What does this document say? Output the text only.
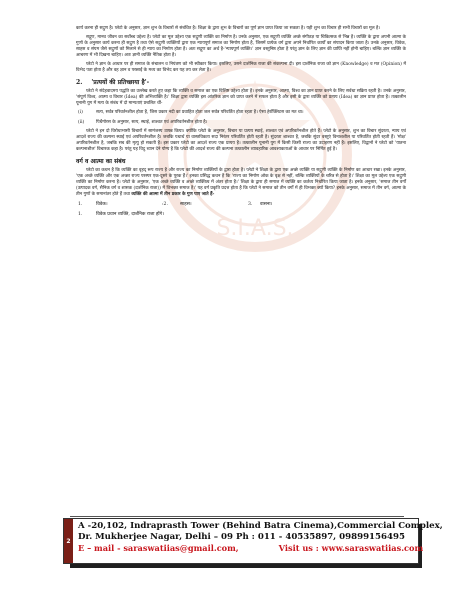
S.I.A.S.

कार्य करना ही सद्गुण है। प्लेटो के अनुसार, ज्ञान शुभ के विचारों से संबंधित है। शिक्षा के द्वारा शुभ के विचारों का पूर्ण ज्ञान प्राप्त किया जा सकता है। यही शुभ का विचार ही सभी विचारों का मूल है।

सद्गुण, मानव जीवन का सर्वोच्च उद्देश्य है। प्लेटो का मूल उद्देश्य एक सद्गुणी व्यक्ति का निर्माण है। उनके अनुसार, एक सद्गुणी व्यक्ति अच्छे संगीतज्ञ या चिकित्सक से भिन्न है। व्यक्ति के द्वारा अपनी आत्मा के गुणों के अनुसार कार्य करना ही सद्गुण है तथा ऐसे सद्गुणी व्यक्तियों द्वारा एक न्यायपूर्ण समाज का निर्माण होता है, जिसमें प्रत्येक वर्ग द्वारा अपने निर्धारित कार्यों का संपादन किया जाता है। उनके अनुसार, विवेक, साहस व संयम जैसे सद्गुणों को मिलाने से ही न्याय का निर्माण होता है। अतः सद्गुण का अर्थ है-'न्यायपूर्ण व्यक्ति।' ज्ञान वस्तुनिष्ठ होता है परंतु ज्ञान के लिए ज्ञान की प्राप्ति नहीं होनी चाहिए। बल्कि ज्ञान व्यक्ति के आचरण में भी दिखना चाहिए। अतः ज्ञानी व्यक्ति नैतिक होता है।

प्लेटो ने ज्ञान के आधार पर ही समाज के संचालन व नियंत्रण को भी स्वीकार किया। इसलिए, उसने दार्शनिक राजा की संकल्पना दी। इस दार्शनिक राजा को ज्ञान (Knowledge) व मत (Opinion) में विभेद पता होता है और वह ज्ञान व परछाईं के मध्य का विभेद कर यह तय कर लेता है।

2. 'प्रत्ययों की प्रतिच्छाया है'-

प्लेटो ने संदेहवादमय पद्धति का उल्लेख करते हुए कहा कि व्यक्ति व समाज का एक विशिष्ट उद्देश्य होता है। इनके अनुसार, आत्मा, विश्व का ज्ञान प्राप्त करने के लिए सर्वथा सक्रिय रहती है। उनके अनुसार, 'संपूर्ण विश्व, आत्मा व विचार (Idea) की अभिव्यक्ति है।' शिक्षा द्वारा व्यक्ति इस आंतरिक ज्ञान को प्राप्त करने में सफल होता है और इसी के द्वारा व्यक्ति को प्रत्यय (Idea) का ज्ञान प्राप्त होता है। तत्कालीन यूनानी युग में मत्य के संबंध में दो मान्यताएं प्रचलित थीं-

(i)	सत्य, सर्वत्र परिवर्तनशील होता है, जिस प्रकार नदी का प्रवाहित होता जल सर्वत्र परिवर्तित होता रहता है। ऐसा हेरॉक्लिटस का मत था।
(ii)	पिथैगोरस के अनुसार, सत्य, स्थाई, शाश्वत एवं अपरिवर्तनशील होता है।

प्लेटो ने इन दो विरोधाभासी विचारों में सामंजस्य उत्पन्न किया। क्योंकि प्लेटो के अनुसार, विचार या प्रत्यय स्थाई, शाश्वत एवं अपरिवर्तनशील होते हैं। प्लेटो के अनुसार, शुभ का विचार सुंदरता, न्याय एवं आदर्श राज्य की कल्पना स्थाई एवं अपरिवर्तनशील है। जबकि यथार्थ या वास्तविकता सदा निरंतर परिवर्तित होती रहती है। सुंदरता शाश्वत है, जबकि सुंदर वस्तुएं विनाशशील या परिवर्तित होती रहती हैं। 'मोक्ष' अपरिवर्तनशील है, जबकि सब की मृत्यु हो सकती है। इस प्रकार प्लेटो का आदर्श राज्य एक प्रत्यय है। तत्कालीन यूनानी युग में किसी किसी राज्य का उदाहरण नहीं है। इसलिए, विद्वानों ने प्लेटो को 'यातना कल्पनाशील' विचारक कहा है। परंतु यह विदु ध्यान देने योग्य है कि प्लेटो की आदर्श राज्य की कल्पना तत्कालीन व्यावहारिक आवश्यकताओं के आधार पर निर्मित हुई है।

वर्ग व आत्मा का संबंध

प्लेटो का कथन है कि व्यक्ति का वृहद् रूप राज्य है और राज्य का निर्माण व्यक्तियों के द्वारा होता है। प्लेटो ने शिक्षा के द्वारा एक अच्छे व्यक्ति या सद्गुणी व्यक्ति के निर्माण का आधार रखा। इनके अनुसार, 'एक अच्छे व्यक्ति और एक अच्छा राज्य परस्पर एक-दूसरे के पूरक हैं।' इनका प्रसिद्ध कथन है कि 'राज्य का निर्माण ओक के वृक्ष से नहीं, बल्कि व्यक्तियों के चरित्र से होता है।' शिक्षा का मूल उद्देश्य एक सद्गुणी व्यक्ति का निर्माण करना है। प्लेटो के अनुसार, 'एक अच्छे व्यक्ति व अच्छे व्यक्तित्व में अंतर होता है।' शिक्षा के द्वारा ही समाज में व्यक्ति का कर्तव्य निर्धारित किया जाता है। इनके अनुसार, 'समाज तीन वर्गों (उत्पादक वर्ग, सैनिक वर्ग व शासक (दार्शनिक राजा)) में विभक्त समाज है।' यह वर्ग प्रकृति प्रदत्त होता है कि प्लेटो ने समाज को तीन वर्गों में ही विभक्त क्यों किया? इनके अनुसार, समाज में तीन वर्ग, आत्मा के तीन गुणों के समानांतर होते हैं तथा व्यक्ति की आत्मा में तीन प्रकार के गुण पाए जाते हैं-

1.	विवेक।	:2.	साहस।	3.	वासना।
1.	विवेक प्रधान व्यक्ति, दार्शनिक राजा होंगे।
2
A -20,102, Indraprasth Tower (Behind Batra Cinema),Commercial Complex,
Dr. Mukherjee Nagar, Delhi – 09 Ph : 011 - 40535897, 09899156495
E – mail - saraswatiias@gmail.com,	Visit us : www.saraswatiias.com
